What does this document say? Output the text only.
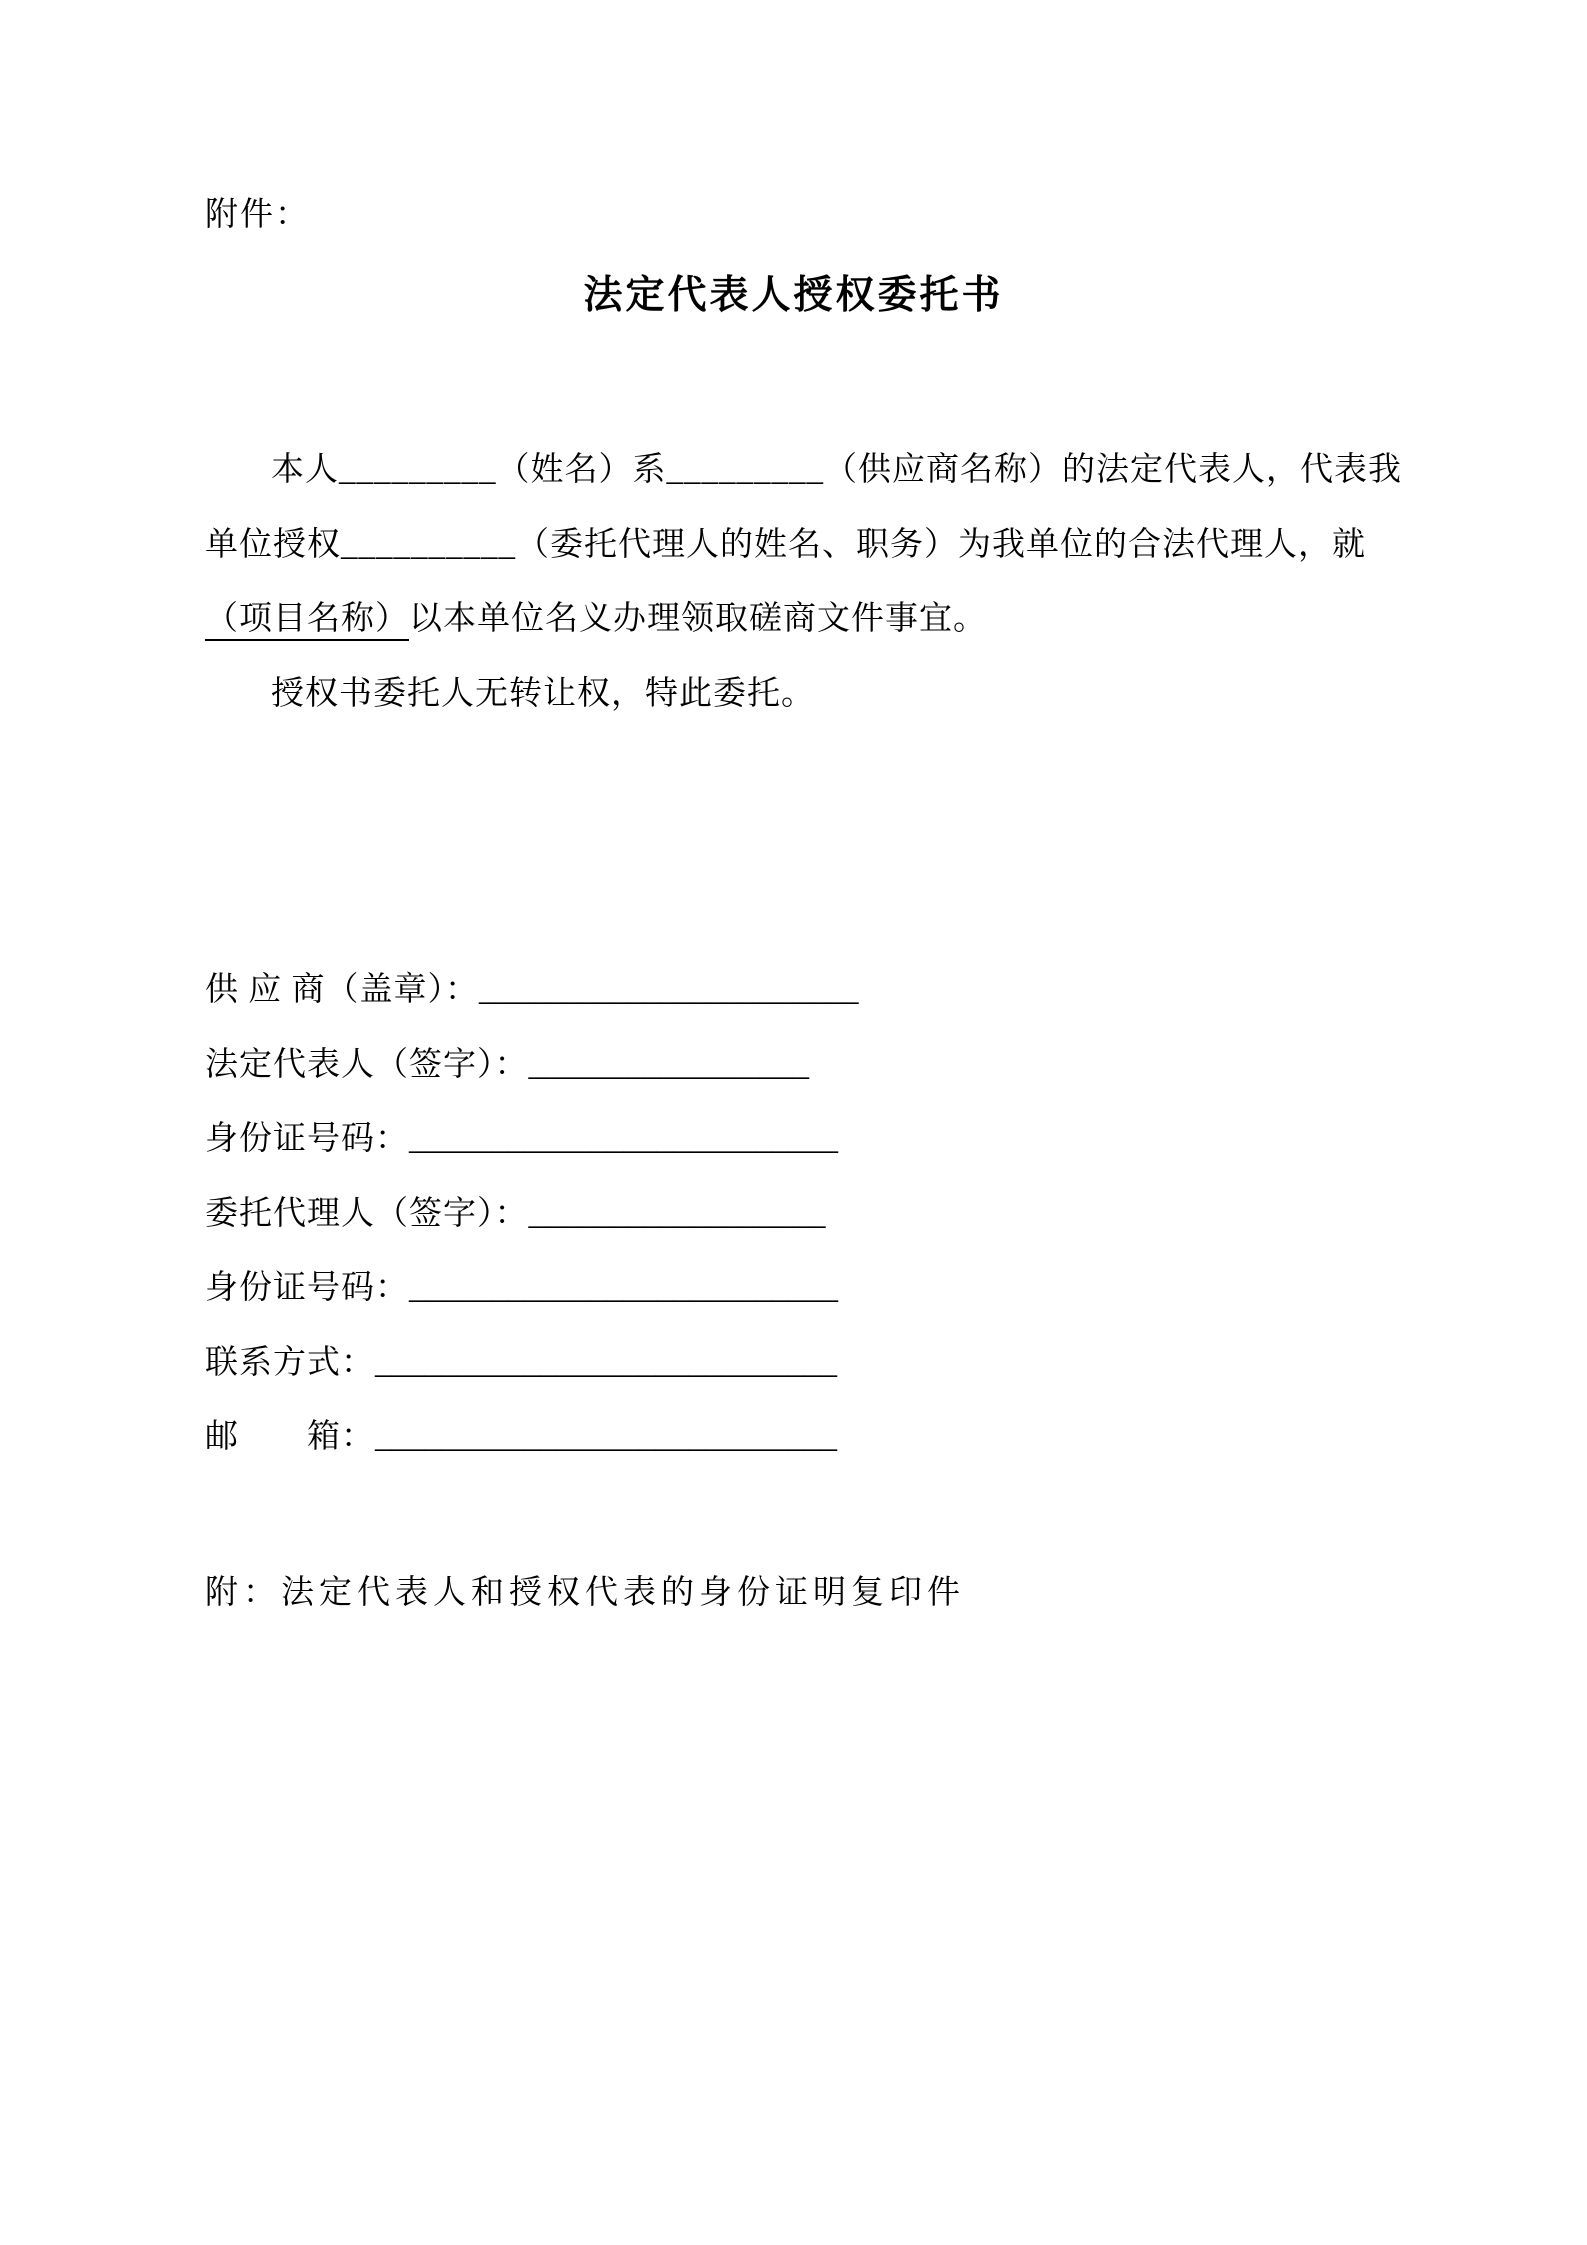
附件：
法定代表人授权委托书
本人_________（姓名）系_________（供应商名称）的法定代表人，代表我
单位授权__________（委托代理人的姓名、职务）为我单位的合法代理人，就
（项目名称）以本单位名义办理领取磋商文件事宜。
授权书委托人无转让权，特此委托。
供 应 商（盖章）：_______________________
法定代表人（签字）：_________________
身份证号码：__________________________
委托代理人（签字）：__________________
身份证号码：__________________________
联系方式：____________________________
邮　　箱：____________________________
附：法定代表人和授权代表的身份证明复印件
